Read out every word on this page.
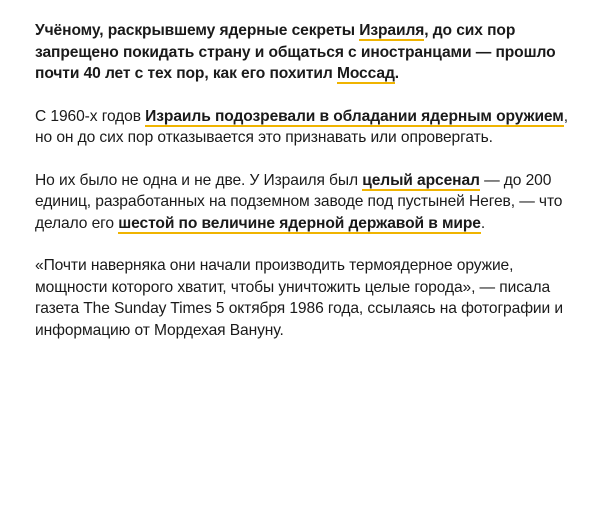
Учёному, раскрывшему ядерные секреты Израиля, до сих пор запрещено покидать страну и общаться с иностранцами — прошло почти 40 лет с тех пор, как его похитил Моссад.

С 1960-х годов Израиль подозревали в обладании ядерным оружием, но он до сих пор отказывается это признавать или опровергать.

Но их было не одна и не две. У Израиля был целый арсенал — до 200 единиц, разработанных на подземном заводе под пустыней Негев, — что делало его шестой по величине ядерной державой в мире.

«Почти наверняка они начали производить термоядерное оружие, мощности которого хватит, чтобы уничтожить целые города», — писала газета The Sunday Times 5 октября 1986 года, ссылаясь на фотографии и информацию от Мордехая Вануну.
